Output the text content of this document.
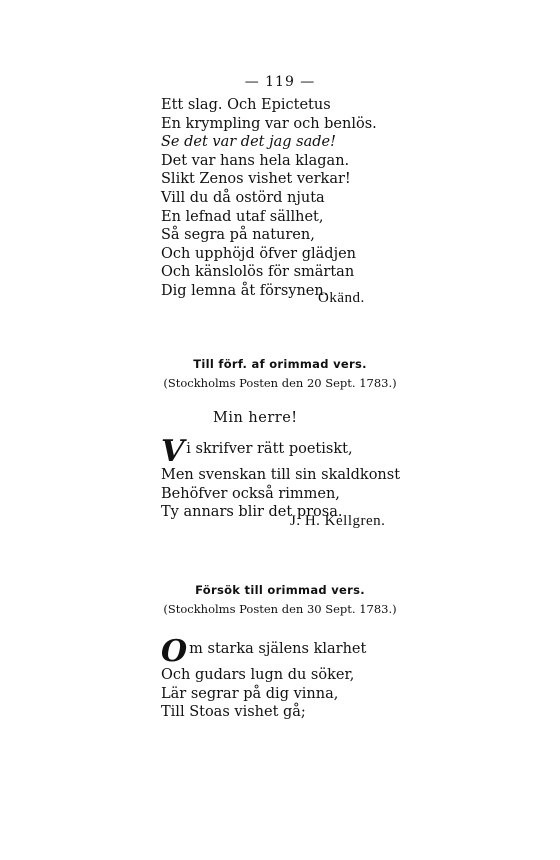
— 119 —
Ett slag. Och Epictetus
En krympling var och benlös.
Se det var det jag sade!
Det var hans hela klagan.
Slikt Zenos vishet verkar!
Vill du då ostörd njuta
En lefnad utaf sällhet,
Så segra på naturen,
Och upphöjd öfver glädjen
Och känslolös för smärtan
Dig lemna åt försynen.
Okänd.
Till förf. af orimmad vers.
(Stockholms Posten den 20 Sept. 1783.)
Min herre!
Vi skrifver rätt poetiskt,
Men svenskan till sin skaldkonst
Behöfver också rimmen,
Ty annars blir det prosa.
J. H. Kellgren.
Försök till orimmad vers.
(Stockholms Posten den 30 Sept. 1783.)
Om starka själens klarhet
Och gudars lugn du söker,
Lär segrar på dig vinna,
Till Stoas vishet gå;
